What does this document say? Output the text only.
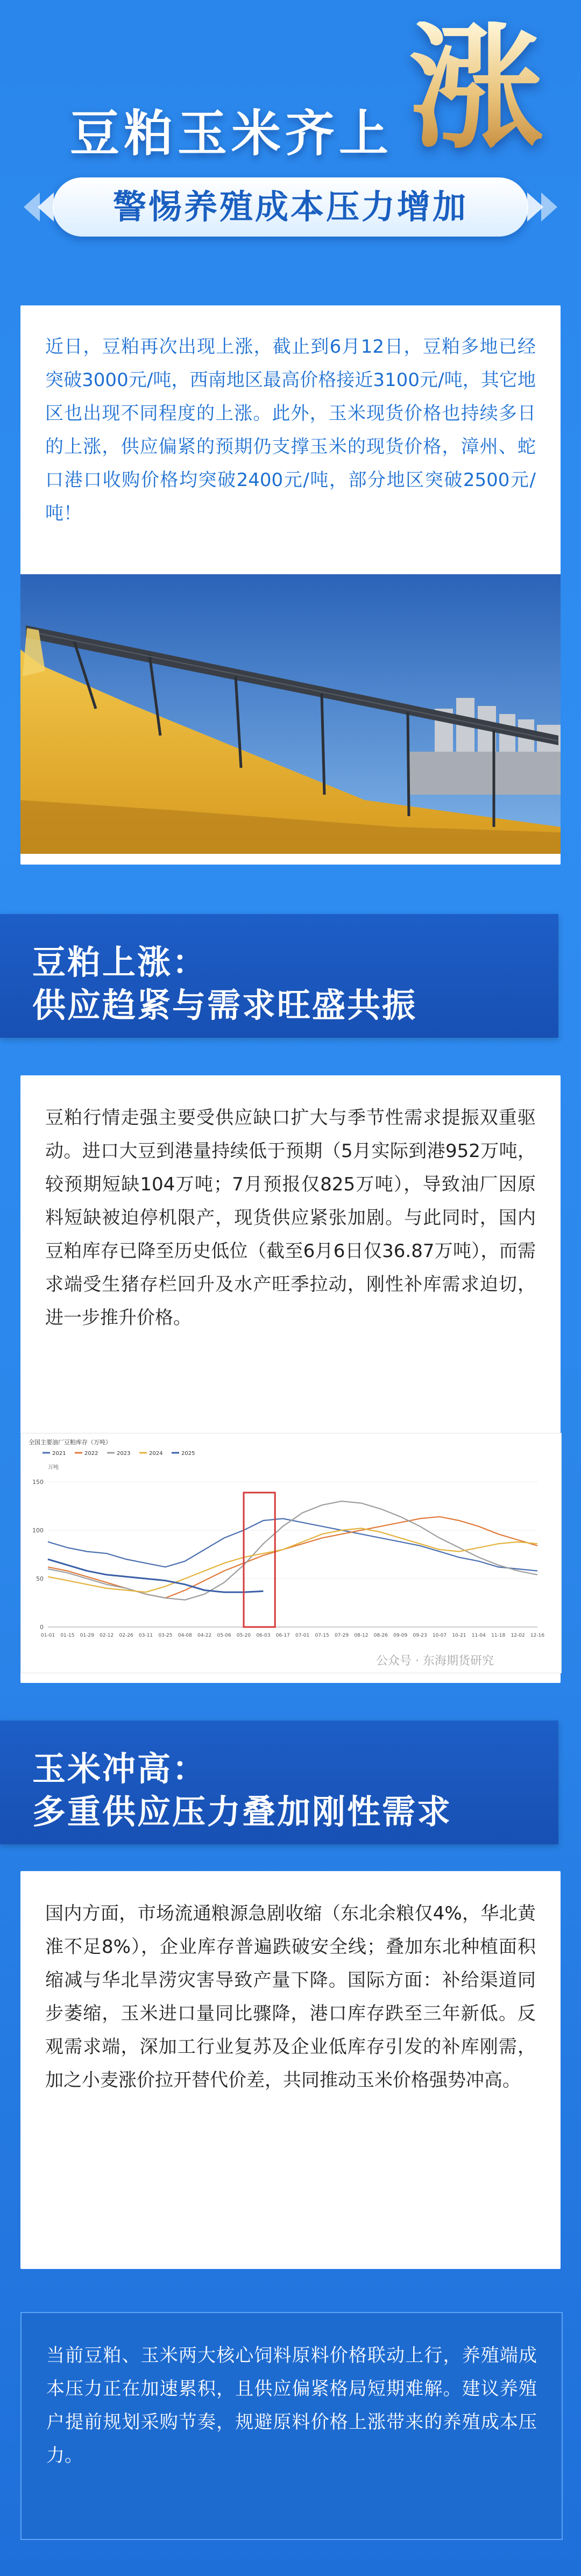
涨
豆粕玉米齐上
警惕养殖成本压力增加
近日，豆粕再次出现上涨，截止到6月12日，豆粕多地已经突破3000元/吨，西南地区最高价格接近3100元/吨，其它地区也出现不同程度的上涨。此外，玉米现货价格也持续多日的上涨，供应偏紧的预期仍支撑玉米的现货价格，漳州、蛇口港口收购价格均突破2400元/吨，部分地区突破2500元/吨！
豆粕上涨：
供应趋紧与需求旺盛共振
豆粕行情走强主要受供应缺口扩大与季节性需求提振双重驱动。进口大豆到港量持续低于预期（5月实际到港952万吨，较预期短缺104万吨；7月预报仅825万吨），导致油厂因原料短缺被迫停机限产，现货供应紧张加剧。与此同时，国内豆粕库存已降至历史低位（截至6月6日仅36.87万吨），而需求端受生猪存栏回升及水产旺季拉动，刚性补库需求迫切，进一步推升价格。
全国主要油厂豆粕库存（万吨）
2021	2022	2023	2024	2025
万吨
0
50
100
150
01-01 01-15 01-29 02-12 02-26 03-11 03-25 04-08 04-22 05-06 05-20 06-03 06-17 07-01 07-15 07-29 08-12 08-26 09-09 09-23 10-07 10-21 11-04 11-18 12-02 12-16
公众号 · 东海期货研究
玉米冲高：
多重供应压力叠加刚性需求
国内方面，市场流通粮源急剧收缩（东北余粮仅4%，华北黄淮不足8%），企业库存普遍跌破安全线；叠加东北种植面积缩减与华北旱涝灾害导致产量下降。国际方面：补给渠道同步萎缩，玉米进口量同比骤降，港口库存跌至三年新低。反观需求端，深加工行业复苏及企业低库存引发的补库刚需，加之小麦涨价拉开替代价差，共同推动玉米价格强势冲高。
当前豆粕、玉米两大核心饲料原料价格联动上行，养殖端成本压力正在加速累积，且供应偏紧格局短期难解。建议养殖户提前规划采购节奏，规避原料价格上涨带来的养殖成本压力。
